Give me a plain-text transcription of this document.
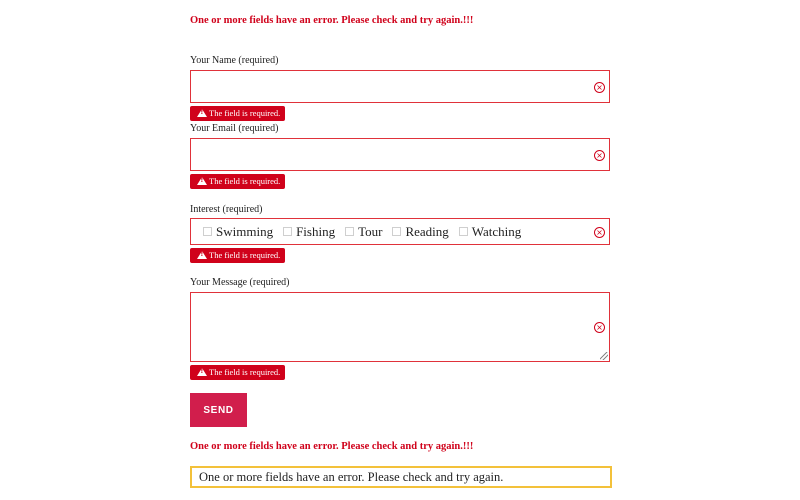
One or more fields have an error. Please check and try again.!!!
Your Name (required)
×
!
The field is required.
Your Email (required)
×
!
The field is required.
Interest (required)
Swimming Fishing Tour Reading Watching	×
!
The field is required.
Your Message (required)
×
!
The field is required.
SEND
One or more fields have an error. Please check and try again.!!!
One or more fields have an error. Please check and try again.
